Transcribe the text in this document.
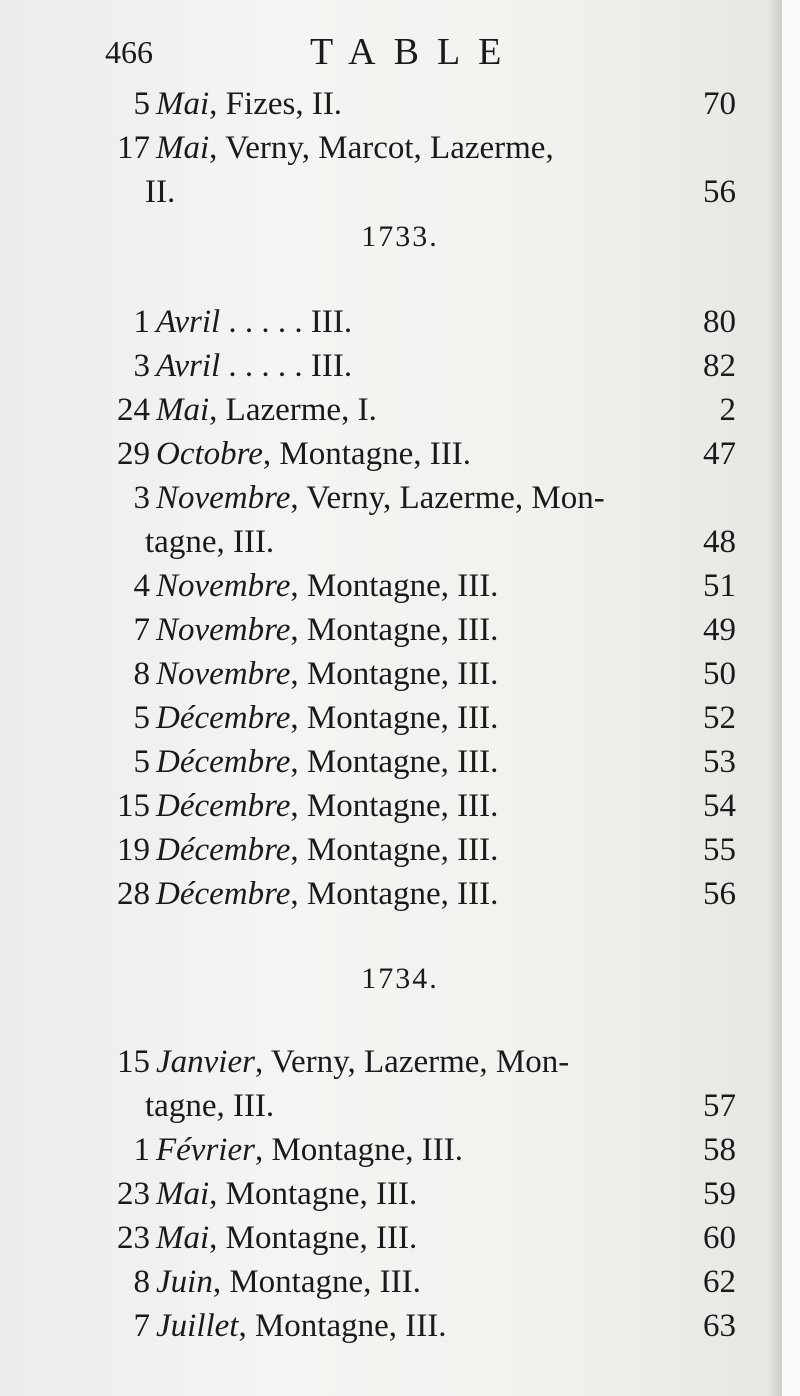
466	TABLE
5 Mai, Fizes, II.	70
17 Mai, Verny, Marcot, Lazerme,
II.	56
1733.
1 Avril . . . . . III.	80
3 Avril . . . . . III.	82
24 Mai, Lazerme, I.	2
29 Octobre, Montagne, III.	47
3 Novembre, Verny, Lazerme, Mon-
tagne, III.	48
4 Novembre, Montagne, III.	51
7 Novembre, Montagne, III.	49
8 Novembre, Montagne, III.	50
5 Décembre, Montagne, III.	52
5 Décembre, Montagne, III.	53
15 Décembre, Montagne, III.	54
19 Décembre, Montagne, III.	55
28 Décembre, Montagne, III.	56
1734.
15 Janvier, Verny, Lazerme, Mon-
tagne, III.	57
1 Février, Montagne, III.	58
23 Mai, Montagne, III.	59
23 Mai, Montagne, III.	60
8 Juin, Montagne, III.	62
7 Juillet, Montagne, III.	63
